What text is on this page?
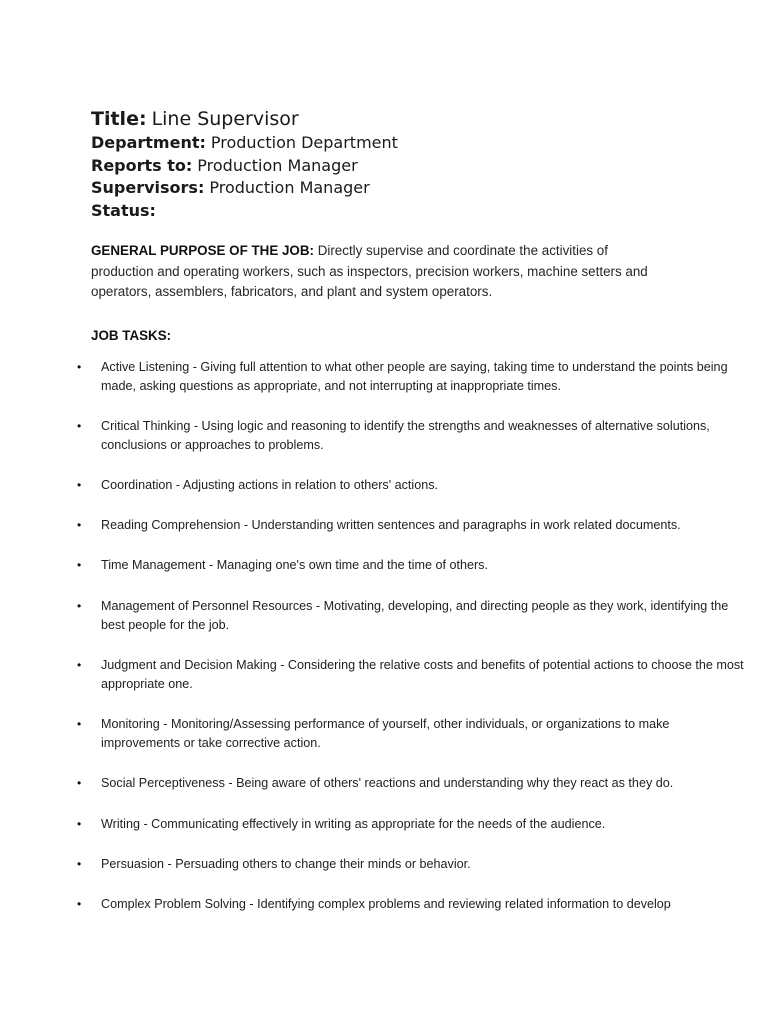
Title: Line Supervisor
Department: Production Department
Reports to: Production Manager
Supervisors: Production Manager
Status:
GENERAL PURPOSE OF THE JOB: Directly supervise and coordinate the activities of production and operating workers, such as inspectors, precision workers, machine setters and operators, assemblers, fabricators, and plant and system operators.
JOB TASKS:
• Active Listening - Giving full attention to what other people are saying, taking time to understand the points being made, asking questions as appropriate, and not interrupting at inappropriate times.
• Critical Thinking - Using logic and reasoning to identify the strengths and weaknesses of alternative solutions, conclusions or approaches to problems.
• Coordination - Adjusting actions in relation to others' actions.
• Reading Comprehension - Understanding written sentences and paragraphs in work related documents.
• Time Management - Managing one's own time and the time of others.
• Management of Personnel Resources - Motivating, developing, and directing people as they work, identifying the best people for the job.
• Judgment and Decision Making - Considering the relative costs and benefits of potential actions to choose the most appropriate one.
• Monitoring - Monitoring/Assessing performance of yourself, other individuals, or organizations to make improvements or take corrective action.
• Social Perceptiveness - Being aware of others' reactions and understanding why they react as they do.
• Writing - Communicating effectively in writing as appropriate for the needs of the audience.
• Persuasion - Persuading others to change their minds or behavior.
• Complex Problem Solving - Identifying complex problems and reviewing related information to develop
